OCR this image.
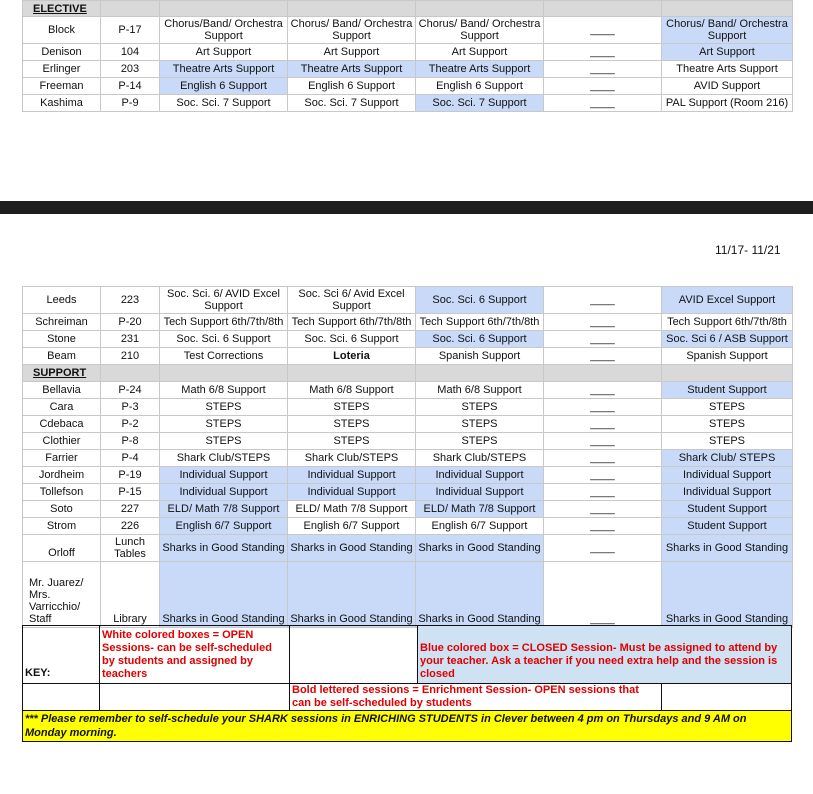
ELECTIVE						
Block	P-17	Chorus/Band/ Orchestra Support	Chorus/ Band/ Orchestra Support	Chorus/ Band/ Orchestra Support	____	Chorus/ Band/ Orchestra Support
Denison	104	Art Support	Art Support	Art Support	____	Art Support
Erlinger	203	Theatre Arts Support	Theatre Arts Support	Theatre Arts Support	____	Theatre Arts Support
Freeman	P-14	English 6 Support	English 6 Support	English 6 Support	____	AVID Support
Kashima	P-9	Soc. Sci. 7 Support	Soc. Sci. 7 Support	Soc. Sci. 7 Support	____	PAL Support (Room 216)
11/17- 11/21
Leeds	223	Soc. Sci. 6/ AVID Excel Support	Soc. Sci 6/ Avid Excel Support	Soc. Sci. 6 Support	____	AVID Excel Support
Schreiman	P-20	Tech Support 6th/7th/8th	Tech Support 6th/7th/8th	Tech Support 6th/7th/8th	____	Tech Support 6th/7th/8th
Stone	231	Soc. Sci. 6 Support	Soc. Sci. 6 Support	Soc. Sci. 6 Support	____	Soc. Sci 6 / ASB Support
Beam	210	Test Corrections	Loteria	Spanish Support	____	Spanish Support
SUPPORT						
Bellavia	P-24	Math 6/8 Support	Math 6/8 Support	Math 6/8 Support	____	Student Support
Cara	P-3	STEPS	STEPS	STEPS	____	STEPS
Cdebaca	P-2	STEPS	STEPS	STEPS	____	STEPS
Clothier	P-8	STEPS	STEPS	STEPS	____	STEPS
Farrier	P-4	Shark Club/STEPS	Shark Club/STEPS	Shark Club/STEPS	____	Shark Club/ STEPS
Jordheim	P-19	Individual Support	Individual Support	Individual Support	____	Individual Support
Tollefson	P-15	Individual Support	Individual Support	Individual Support	____	Individual Support
Soto	227	ELD/ Math 7/8 Support	ELD/ Math 7/8 Support	ELD/ Math 7/8 Support	____	Student Support
Strom	226	English 6/7 Support	English 6/7 Support	English 6/7 Support	____	Student Support
Orloff	Lunch Tables	Sharks in Good Standing	Sharks in Good Standing	Sharks in Good Standing	____	Sharks in Good Standing
Mr. Juarez/ Mrs. Varricchio/ Staff	Library	Sharks in Good Standing	Sharks in Good Standing	Sharks in Good Standing	____	Sharks in Good Standing
KEY:	White colored boxes = OPEN Sessions- can be self-scheduled by students and assigned by teachers		Blue colored box = CLOSED Session- Must be assigned to attend by your teacher. Ask a teacher if you need extra help and the session is closed	
		Bold lettered sessions = Enrichment Session- OPEN sessions that can be self-scheduled by students		
*** Please remember to self-schedule your SHARK sessions in ENRICHING STUDENTS in Clever between 4 pm on Thursdays and 9 AM on Monday morning.				
